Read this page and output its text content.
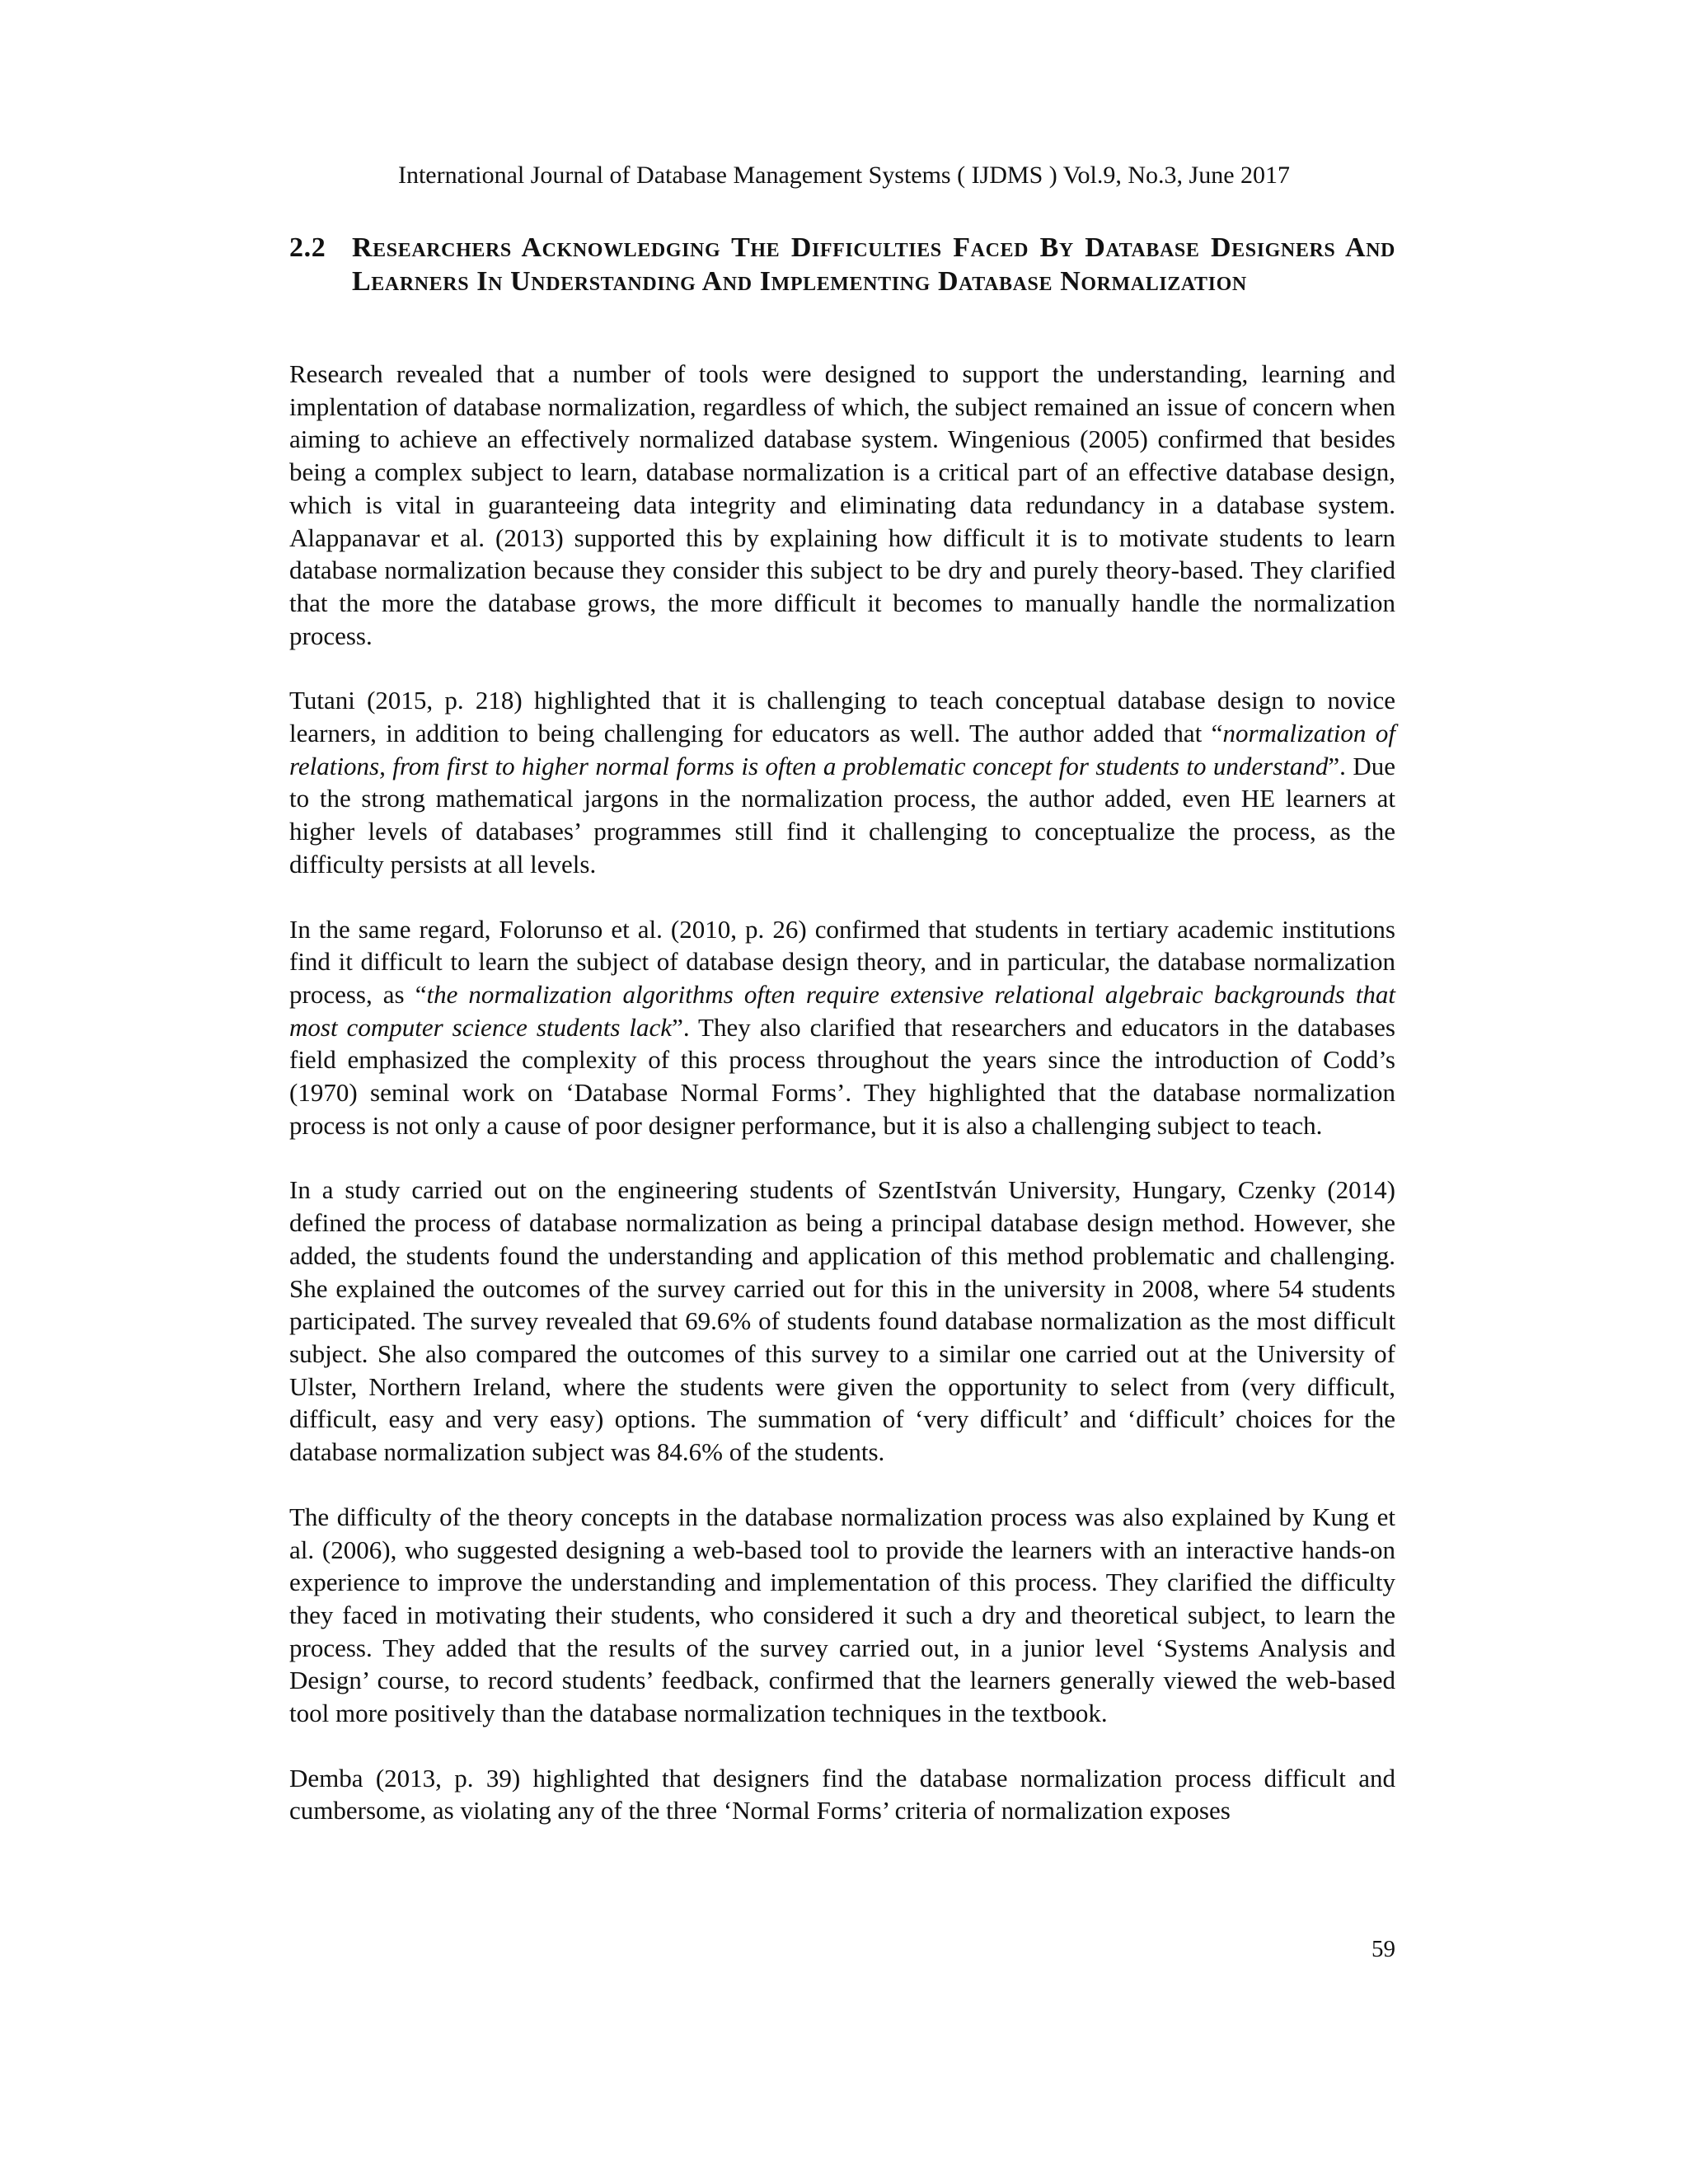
International Journal of Database Management Systems ( IJDMS ) Vol.9, No.3, June 2017
2.2 Researchers Acknowledging The Difficulties Faced By Database Designers And Learners In Understanding And Implementing Database Normalization

Research revealed that a number of tools were designed to support the understanding, learning and implentation of database normalization, regardless of which, the subject remained an issue of concern when aiming to achieve an effectively normalized database system. Wingenious (2005) confirmed that besides being a complex subject to learn, database normalization is a critical part of an effective database design, which is vital in guaranteeing data integrity and eliminating data redundancy in a database system. Alappanavar et al. (2013) supported this by explaining how difficult it is to motivate students to learn database normalization because they consider this subject to be dry and purely theory-based. They clarified that the more the database grows, the more difficult it becomes to manually handle the normalization process.

Tutani (2015, p. 218) highlighted that it is challenging to teach conceptual database design to novice learners, in addition to being challenging for educators as well. The author added that “normalization of relations, from first to higher normal forms is often a problematic concept for students to understand”. Due to the strong mathematical jargons in the normalization process, the author added, even HE learners at higher levels of databases’ programmes still find it challenging to conceptualize the process, as the difficulty persists at all levels.

In the same regard, Folorunso et al. (2010, p. 26) confirmed that students in tertiary academic institutions find it difficult to learn the subject of database design theory, and in particular, the database normalization process, as “the normalization algorithms often require extensive relational algebraic backgrounds that most computer science students lack”. They also clarified that researchers and educators in the databases field emphasized the complexity of this process throughout the years since the introduction of Codd’s (1970) seminal work on ‘Database Normal Forms’. They highlighted that the database normalization process is not only a cause of poor designer performance, but it is also a challenging subject to teach.

In a study carried out on the engineering students of SzentIstván University, Hungary, Czenky (2014) defined the process of database normalization as being a principal database design method. However, she added, the students found the understanding and application of this method problematic and challenging. She explained the outcomes of the survey carried out for this in the university in 2008, where 54 students participated. The survey revealed that 69.6% of students found database normalization as the most difficult subject. She also compared the outcomes of this survey to a similar one carried out at the University of Ulster, Northern Ireland, where the students were given the opportunity to select from (very difficult, difficult, easy and very easy) options. The summation of ‘very difficult’ and ‘difficult’ choices for the database normalization subject was 84.6% of the students.

The difficulty of the theory concepts in the database normalization process was also explained by Kung et al. (2006), who suggested designing a web-based tool to provide the learners with an interactive hands-on experience to improve the understanding and implementation of this process. They clarified the difficulty they faced in motivating their students, who considered it such a dry and theoretical subject, to learn the process. They added that the results of the survey carried out, in a junior level ‘Systems Analysis and Design’ course, to record students’ feedback, confirmed that the learners generally viewed the web-based tool more positively than the database normalization techniques in the textbook.

Demba (2013, p. 39) highlighted that designers find the database normalization process difficult and cumbersome, as violating any of the three ‘Normal Forms’ criteria of normalization exposes

59
